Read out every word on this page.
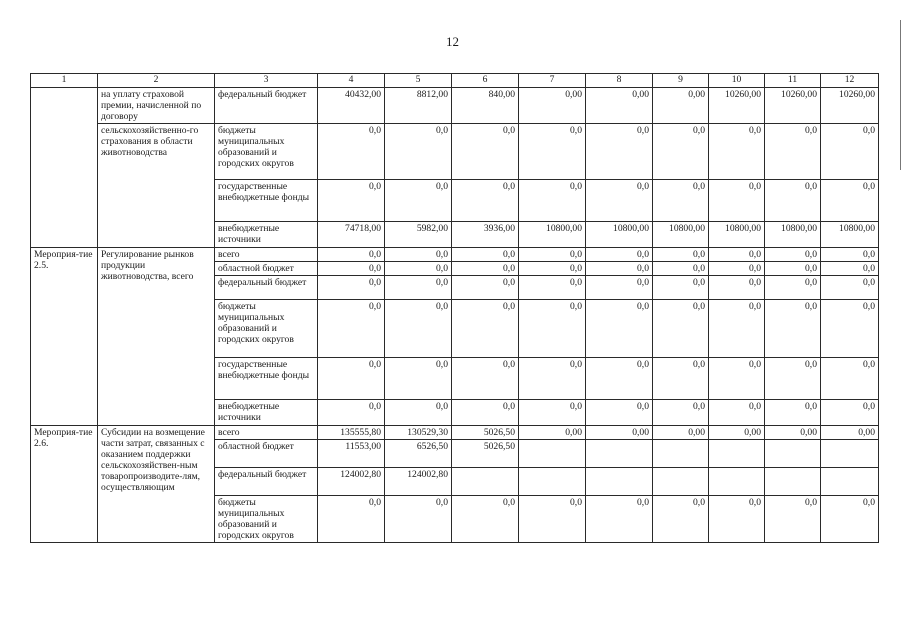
12
1	2	3	4	5	6	7	8	9	10	11	12
	на уплату страховой премии, начисленной по договору	федеральный бюджет	40432,00	8812,00	840,00	0,00	0,00	0,00	10260,00	10260,00	10260,00
	сельскохозяйственно-го страхования в области животноводства	бюджеты муниципальных образований и городских округов	0,0	0,0	0,0	0,0	0,0	0,0	0,0	0,0	0,0
		государственные внебюджетные фонды	0,0	0,0	0,0	0,0	0,0	0,0	0,0	0,0	0,0
		внебюджетные источники	74718,00	5982,00	3936,00	10800,00	10800,00	10800,00	10800,00	10800,00	10800,00
Мероприя-тие 2.5.	Регулирование рынков продукции животноводства, всего	всего	0,0	0,0	0,0	0,0	0,0	0,0	0,0	0,0	0,0
		областной бюджет	0,0	0,0	0,0	0,0	0,0	0,0	0,0	0,0	0,0
		федеральный бюджет	0,0	0,0	0,0	0,0	0,0	0,0	0,0	0,0	0,0
		бюджеты муниципальных образований и городских округов	0,0	0,0	0,0	0,0	0,0	0,0	0,0	0,0	0,0
		государственные внебюджетные фонды	0,0	0,0	0,0	0,0	0,0	0,0	0,0	0,0	0,0
		внебюджетные источники	0,0	0,0	0,0	0,0	0,0	0,0	0,0	0,0	0,0
Мероприя-тие 2.6.	Субсидии на возмещение части затрат, связанных с оказанием поддержки сельскохозяйствен-ным товаропроизводите-лям, осуществляющим	всего	135555,80	130529,30	5026,50	0,00	0,00	0,00	0,00	0,00	0,00
		областной бюджет	11553,00	6526,50	5026,50						
		федеральный бюджет	124002,80	124002,80							
		бюджеты муниципальных образований и городских округов	0,0	0,0	0,0	0,0	0,0	0,0	0,0	0,0	0,0
